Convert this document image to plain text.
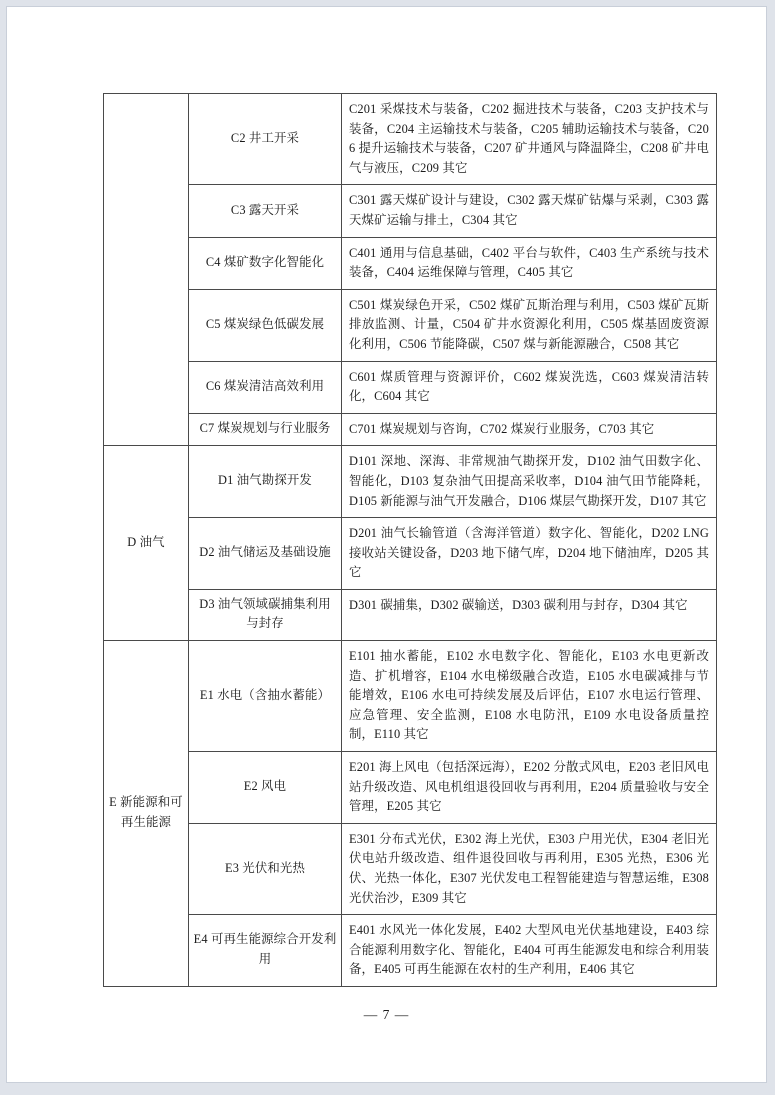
	C2 井工开采	C201 采煤技术与装备，C202 掘进技术与装备，C203 支护技术与装备，C204 主运输技术与装备，C205 辅助运输技术与装备，C206 提升运输技术与装备，C207 矿井通风与降温降尘，C208 矿井电气与液压，C209 其它
	C3 露天开采	C301 露天煤矿设计与建设，C302 露天煤矿钻爆与采剥，C303 露天煤矿运输与排土，C304 其它
	C4 煤矿数字化智能化	C401 通用与信息基础，C402 平台与软件，C403 生产系统与技术装备，C404 运维保障与管理，C405 其它
	C5 煤炭绿色低碳发展	C501 煤炭绿色开采，C502 煤矿瓦斯治理与利用，C503 煤矿瓦斯排放监测、计量，C504 矿井水资源化利用，C505 煤基固废资源化利用，C506 节能降碳，C507 煤与新能源融合，C508 其它
	C6 煤炭清洁高效利用	C601 煤质管理与资源评价，C602 煤炭洗选，C603 煤炭清洁转化，C604 其它
	C7 煤炭规划与行业服务	C701 煤炭规划与咨询，C702 煤炭行业服务，C703 其它
D 油气	D1 油气勘探开发	D101 深地、深海、非常规油气勘探开发，D102 油气田数字化、智能化，D103 复杂油气田提高采收率，D104 油气田节能降耗，D105 新能源与油气开发融合，D106 煤层气勘探开发，D107 其它
	D2 油气储运及基础设施	D201 油气长输管道（含海洋管道）数字化、智能化，D202 LNG 接收站关键设备，D203 地下储气库，D204 地下储油库，D205 其它
	D3 油气领域碳捕集利用与封存	D301 碳捕集，D302 碳输送，D303 碳利用与封存，D304 其它
E 新能源和可再生能源	E1 水电（含抽水蓄能）	E101 抽水蓄能，E102 水电数字化、智能化，E103 水电更新改造、扩机增容，E104 水电梯级融合改造，E105 水电碳减排与节能增效，E106 水电可持续发展及后评估，E107 水电运行管理、应急管理、安全监测，E108 水电防汛，E109 水电设备质量控制，E110 其它
	E2 风电	E201 海上风电（包括深远海），E202 分散式风电，E203 老旧风电站升级改造、风电机组退役回收与再利用，E204 质量验收与安全管理，E205 其它
	E3 光伏和光热	E301 分布式光伏，E302 海上光伏，E303 户用光伏，E304 老旧光伏电站升级改造、组件退役回收与再利用，E305 光热，E306 光伏、光热一体化，E307 光伏发电工程智能建造与智慧运维，E308 光伏治沙，E309 其它
	E4 可再生能源综合开发利用	E401 水风光一体化发展，E402 大型风电光伏基地建设，E403 综合能源利用数字化、智能化，E404 可再生能源发电和综合利用装备，E405 可再生能源在农村的生产利用，E406 其它
— 7 —
